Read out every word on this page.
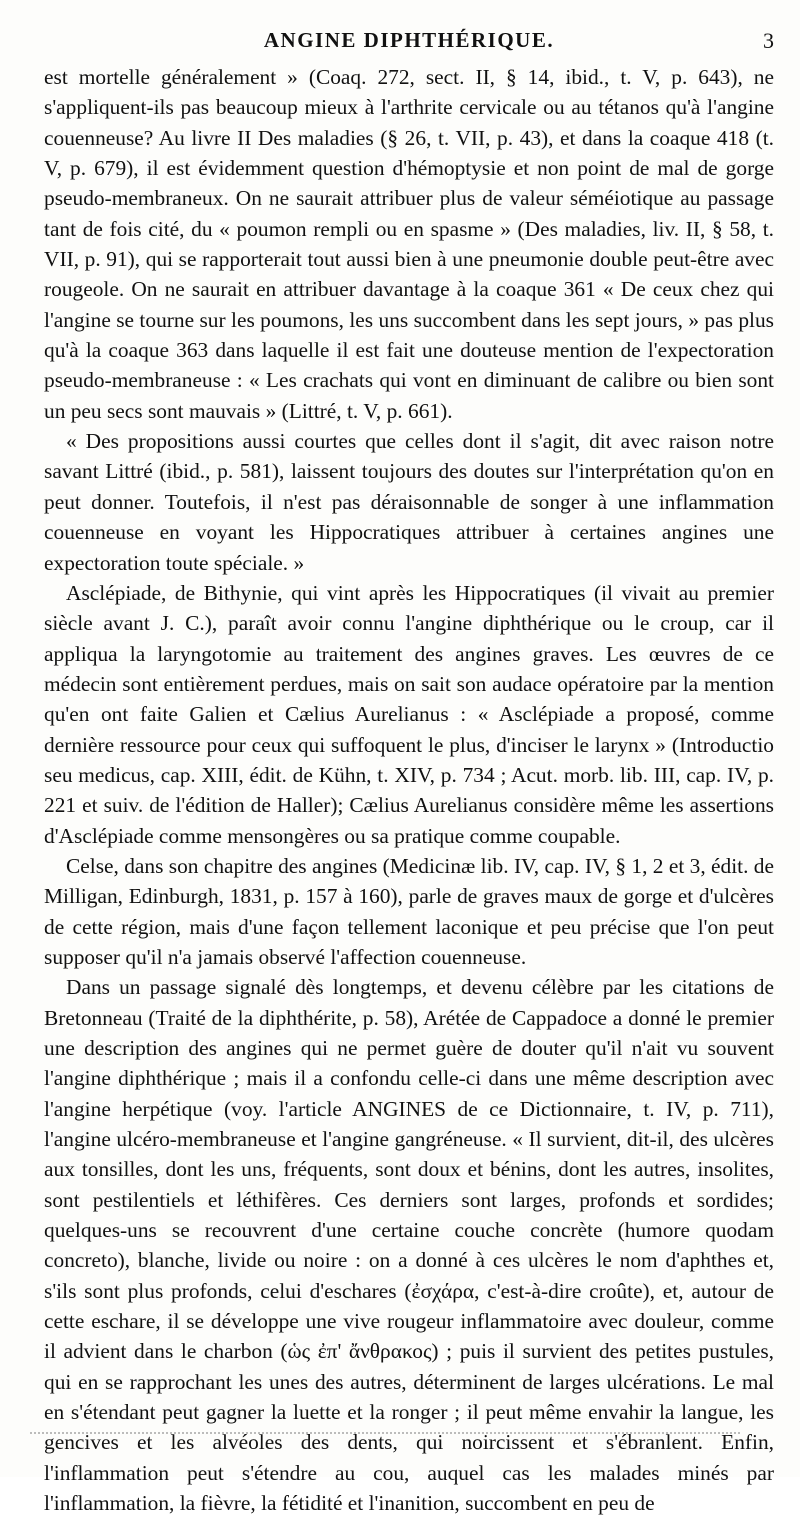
ANGINE DIPHTHÉRIQUE.	3

est mortelle généralement » (Coaq. 272, sect. II, § 14, ibid., t. V, p. 643), ne s'appliquent-ils pas beaucoup mieux à l'arthrite cervicale ou au tétanos qu'à l'angine couenneuse? Au livre II Des maladies (§ 26, t. VII, p. 43), et dans la coaque 418 (t. V, p. 679), il est évidemment question d'hémoptysie et non point de mal de gorge pseudo-membraneux. On ne saurait attribuer plus de valeur séméiotique au passage tant de fois cité, du « poumon rempli ou en spasme » (Des maladies, liv. II, § 58, t. VII, p. 91), qui se rapporterait tout aussi bien à une pneumonie double peut-être avec rougeole. On ne saurait en attribuer davantage à la coaque 361 « De ceux chez qui l'angine se tourne sur les poumons, les uns succombent dans les sept jours, » pas plus qu'à la coaque 363 dans laquelle il est fait une douteuse mention de l'expectoration pseudo-membraneuse : « Les crachats qui vont en diminuant de calibre ou bien sont un peu secs sont mauvais » (Littré, t. V, p. 661).

« Des propositions aussi courtes que celles dont il s'agit, dit avec raison notre savant Littré (ibid., p. 581), laissent toujours des doutes sur l'interprétation qu'on en peut donner. Toutefois, il n'est pas déraisonnable de songer à une inflammation couenneuse en voyant les Hippocratiques attribuer à certaines angines une expectoration toute spéciale. »

Asclépiade, de Bithynie, qui vint après les Hippocratiques (il vivait au premier siècle avant J. C.), paraît avoir connu l'angine diphthérique ou le croup, car il appliqua la laryngotomie au traitement des angines graves. Les œuvres de ce médecin sont entièrement perdues, mais on sait son audace opératoire par la mention qu'en ont faite Galien et Cælius Aurelianus : « Asclépiade a proposé, comme dernière ressource pour ceux qui suffoquent le plus, d'inciser le larynx » (Introductio seu medicus, cap. XIII, édit. de Kühn, t. XIV, p. 734 ; Acut. morb. lib. III, cap. IV, p. 221 et suiv. de l'édition de Haller); Cælius Aurelianus considère même les assertions d'Asclépiade comme mensongères ou sa pratique comme coupable.

Celse, dans son chapitre des angines (Medicinæ lib. IV, cap. IV, § 1, 2 et 3, édit. de Milligan, Edinburgh, 1831, p. 157 à 160), parle de graves maux de gorge et d'ulcères de cette région, mais d'une façon tellement laconique et peu précise que l'on peut supposer qu'il n'a jamais observé l'affection couenneuse.

Dans un passage signalé dès longtemps, et devenu célèbre par les citations de Bretonneau (Traité de la diphthérite, p. 58), Arétée de Cappadoce a donné le premier une description des angines qui ne permet guère de douter qu'il n'ait vu souvent l'angine diphthérique ; mais il a confondu celle-ci dans une même description avec l'angine herpétique (voy. l'article ANGINES de ce Dictionnaire, t. IV, p. 711), l'angine ulcéro-membraneuse et l'angine gangréneuse. « Il survient, dit-il, des ulcères aux tonsilles, dont les uns, fréquents, sont doux et bénins, dont les autres, insolites, sont pestilentiels et léthifères. Ces derniers sont larges, profonds et sordides; quelques-uns se recouvrent d'une certaine couche concrète (humore quodam concreto), blanche, livide ou noire : on a donné à ces ulcères le nom d'aphthes et, s'ils sont plus profonds, celui d'eschares (ἐσχάρα, c'est-à-dire croûte), et, autour de cette eschare, il se développe une vive rougeur inflammatoire avec douleur, comme il advient dans le charbon (ὡς ἐπ' ἄνθρακος) ; puis il survient des petites pustules, qui en se rapprochant les unes des autres, déterminent de larges ulcérations. Le mal en s'étendant peut gagner la luette et la ronger ; il peut même envahir la langue, les gencives et les alvéoles des dents, qui noircissent et s'ébranlent. Enfin, l'inflammation peut s'étendre au cou, auquel cas les malades minés par l'inflammation, la fièvre, la fétidité et l'inanition, succombent en peu de
